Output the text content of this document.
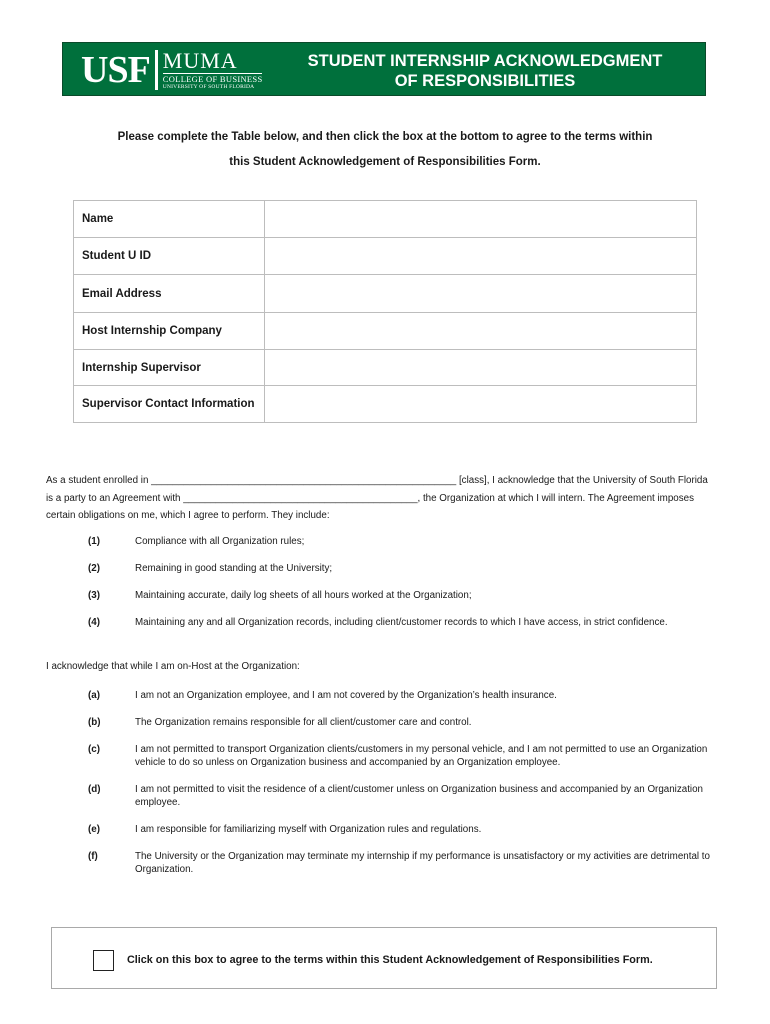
USF MUMA
COLLEGE OF BUSINESS
UNIVERSITY OF SOUTH FLORIDA
STUDENT INTERNSHIP ACKNOWLEDGMENT
OF RESPONSIBILITIES
Please complete the Table below, and then click the box at the bottom to agree to the terms within
this Student Acknowledgement of Responsibilities Form.
Name	
Student U ID	
Email Address	
Host Internship Company	
Internship Supervisor	
Supervisor Contact Information	
As a student enrolled in ________________________________________________________ [class], I acknowledge that the University of South Florida
is a party to an Agreement with ___________________________________________, the Organization at which I will intern. The Agreement imposes
certain obligations on me, which I agree to perform. They include:
(1)	Compliance with all Organization rules;
(2)	Remaining in good standing at the University;
(3)	Maintaining accurate, daily log sheets of all hours worked at the Organization;
(4)	Maintaining any and all Organization records, including client/customer records to which I have access, in strict confidence.
I acknowledge that while I am on-Host at the Organization:
(a)	I am not an Organization employee, and I am not covered by the Organization’s health insurance.
(b)	The Organization remains responsible for all client/customer care and control.
(c)	I am not permitted to transport Organization clients/customers in my personal vehicle, and I am not permitted to use an Organization vehicle to do so unless on Organization business and accompanied by an Organization employee.
(d)	I am not permitted to visit the residence of a client/customer unless on Organization business and accompanied by an Organization employee.
(e)	I am responsible for familiarizing myself with Organization rules and regulations.
(f)	The University or the Organization may terminate my internship if my performance is unsatisfactory or my activities are detrimental to Organization.
Click on this box to agree to the terms within this Student Acknowledgement of Responsibilities Form.
